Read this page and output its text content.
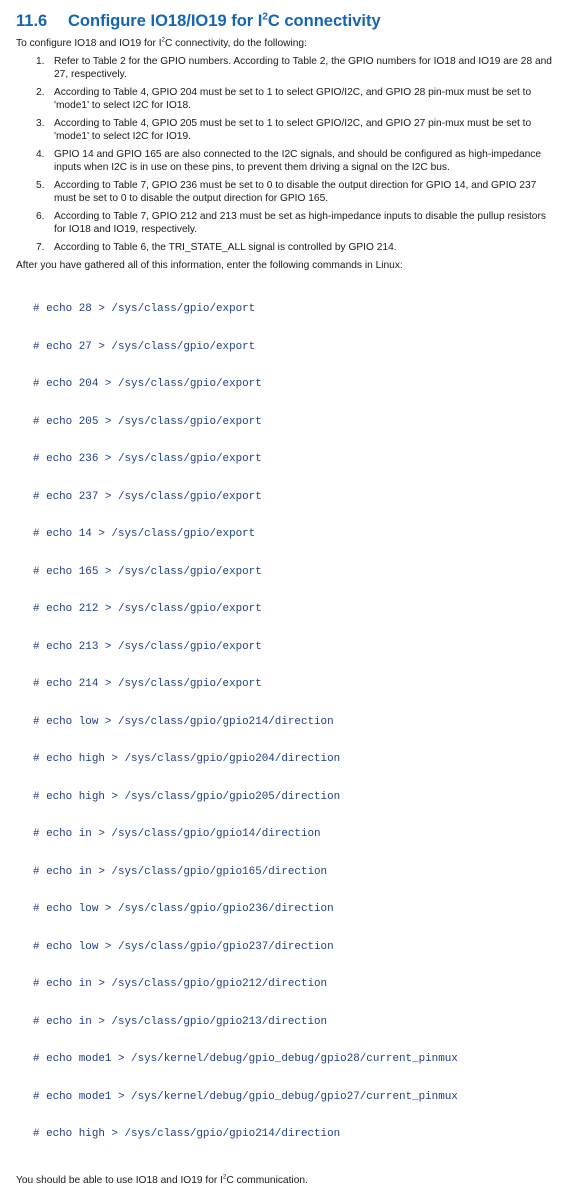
11.6 Configure IO18/IO19 for $I^2C$ connectivity

To configure IO18 and IO19 for $I^2C$ connectivity, do the following:

1. Refer to Table 2 for the GPIO numbers. According to Table 2, the GPIO numbers for IO18 and IO19 are 28 and 27, respectively.
2. According to Table 4, GPIO 204 must be set to 1 to select GPIO/I2C, and GPIO 28 pin-mux must be set to 'mode1' to select I2C for IO18.
3. According to Table 4, GPIO 205 must be set to 1 to select GPIO/I2C, and GPIO 27 pin-mux must be set to 'mode1' to select I2C for IO19.
4. GPIO 14 and GPIO 165 are also connected to the I2C signals, and should be configured as high-impedance inputs when I2C is in use on these pins, to prevent them driving a signal on the I2C bus.
5. According to Table 7, GPIO 236 must be set to 0 to disable the output direction for GPIO 14, and GPIO 237 must be set to 0 to disable the output direction for GPIO 165.
6. According to Table 7, GPIO 212 and 213 must be set as high-impedance inputs to disable the pullup resistors for IO18 and IO19, respectively.
7. According to Table 6, the TRI_STATE_ALL signal is controlled by GPIO 214.

After you have gathered all of this information, enter the following commands in Linux:

# echo 28 > /sys/class/gpio/export

# echo 27 > /sys/class/gpio/export

# echo 204 > /sys/class/gpio/export

# echo 205 > /sys/class/gpio/export

# echo 236 > /sys/class/gpio/export

# echo 237 > /sys/class/gpio/export

# echo 14 > /sys/class/gpio/export

# echo 165 > /sys/class/gpio/export

# echo 212 > /sys/class/gpio/export

# echo 213 > /sys/class/gpio/export

# echo 214 > /sys/class/gpio/export

# echo low > /sys/class/gpio/gpio214/direction

# echo high > /sys/class/gpio/gpio204/direction

# echo high > /sys/class/gpio/gpio205/direction

# echo in > /sys/class/gpio/gpio14/direction

# echo in > /sys/class/gpio/gpio165/direction

# echo low > /sys/class/gpio/gpio236/direction

# echo low > /sys/class/gpio/gpio237/direction

# echo in > /sys/class/gpio/gpio212/direction

# echo in > /sys/class/gpio/gpio213/direction

# echo mode1 > /sys/kernel/debug/gpio_debug/gpio28/current_pinmux

# echo mode1 > /sys/kernel/debug/gpio_debug/gpio27/current_pinmux

# echo high > /sys/class/gpio/gpio214/direction

You should be able to use IO18 and IO19 for $I^2C$ communication.
